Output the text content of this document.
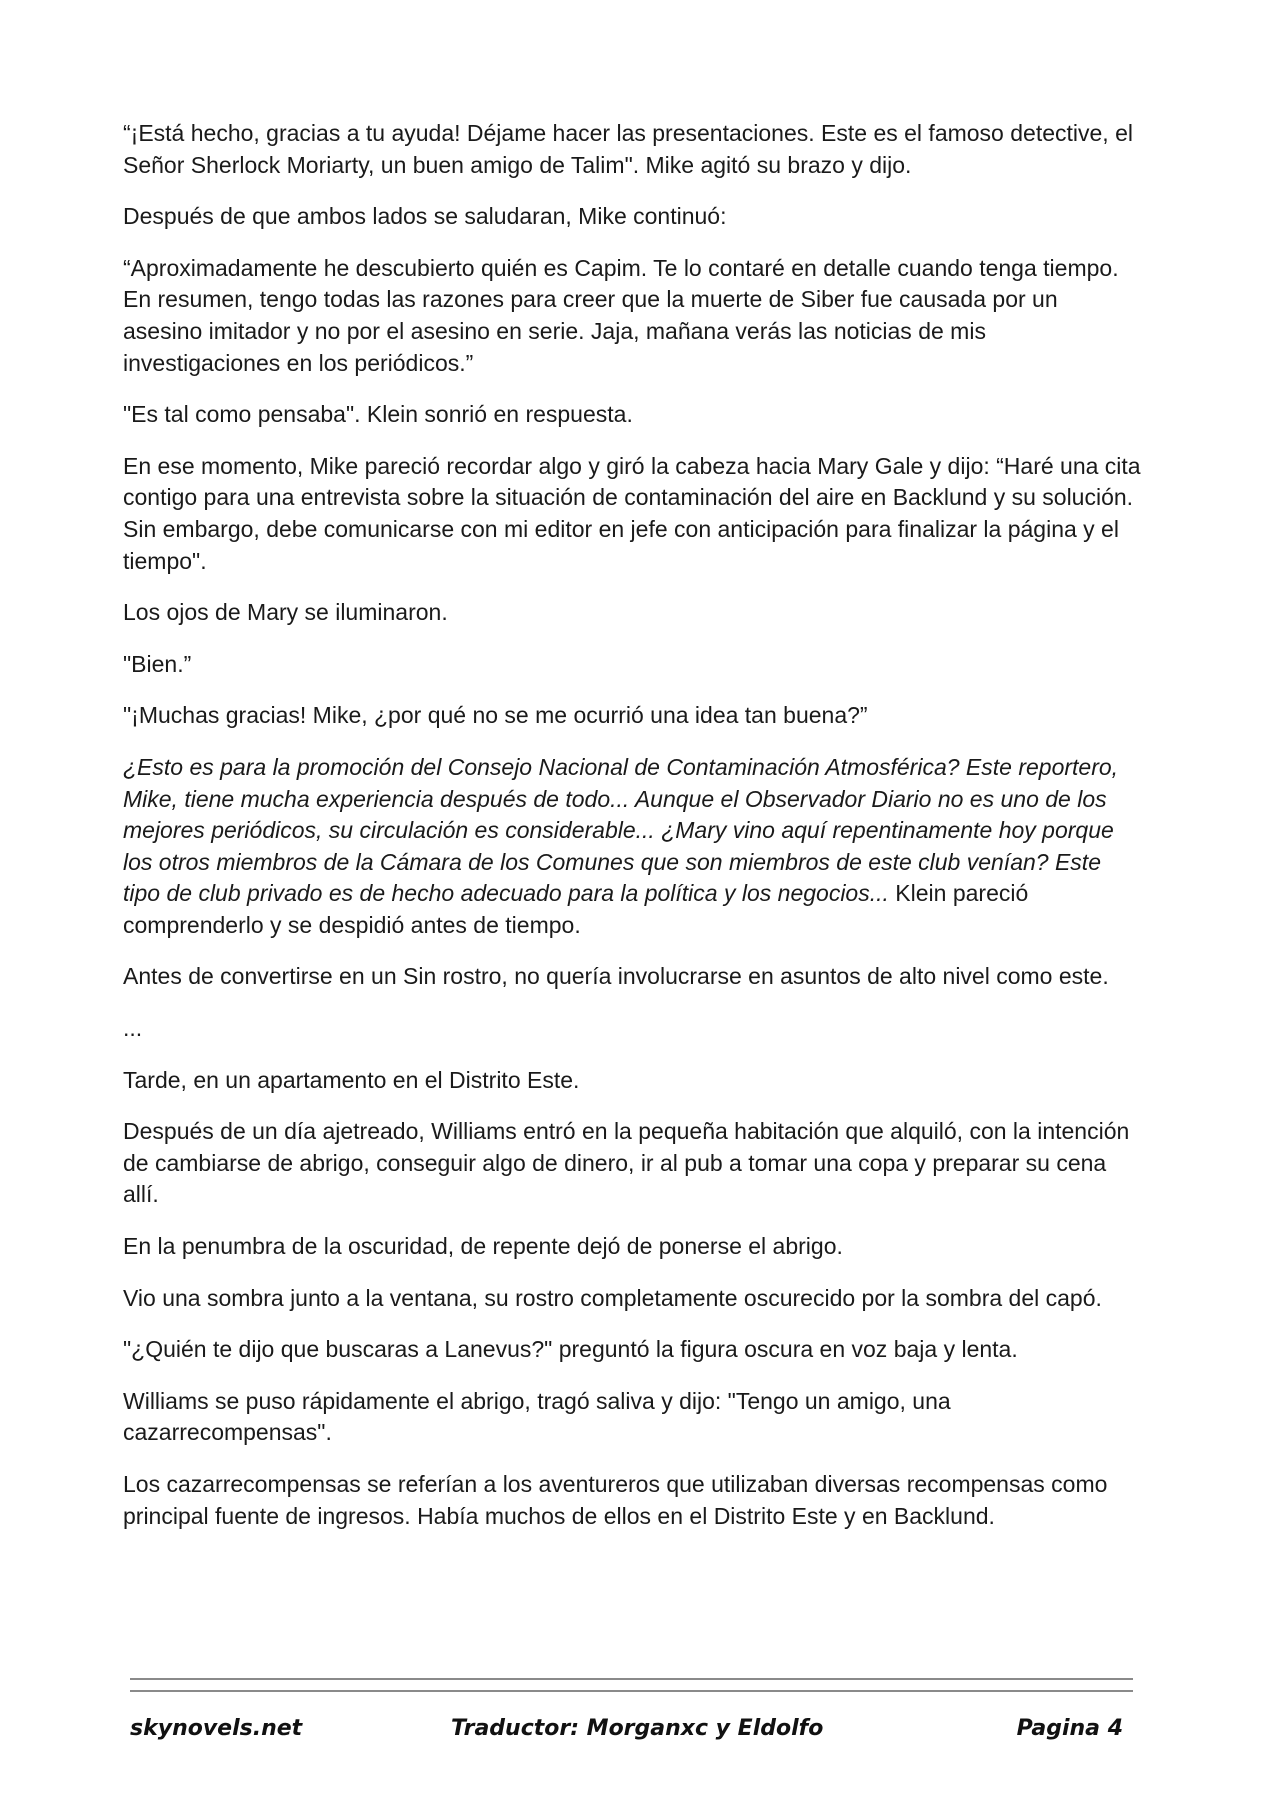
“¡Está hecho, gracias a tu ayuda! Déjame hacer las presentaciones. Este es el famoso detective, el Señor Sherlock Moriarty, un buen amigo de Talim". Mike agitó su brazo y dijo.

Después de que ambos lados se saludaran, Mike continuó:

“Aproximadamente he descubierto quién es Capim. Te lo contaré en detalle cuando tenga tiempo. En resumen, tengo todas las razones para creer que la muerte de Siber fue causada por un asesino imitador y no por el asesino en serie. Jaja, mañana verás las noticias de mis investigaciones en los periódicos.”

"Es tal como pensaba". Klein sonrió en respuesta.

En ese momento, Mike pareció recordar algo y giró la cabeza hacia Mary Gale y dijo: “Haré una cita contigo para una entrevista sobre la situación de contaminación del aire en Backlund y su solución. Sin embargo, debe comunicarse con mi editor en jefe con anticipación para finalizar la página y el tiempo".

Los ojos de Mary se iluminaron.

"Bien.”

"¡Muchas gracias! Mike, ¿por qué no se me ocurrió una idea tan buena?”

¿Esto es para la promoción del Consejo Nacional de Contaminación Atmosférica? Este reportero, Mike, tiene mucha experiencia después de todo... Aunque el Observador Diario no es uno de los mejores periódicos, su circulación es considerable... ¿Mary vino aquí repentinamente hoy porque los otros miembros de la Cámara de los Comunes que son miembros de este club venían? Este tipo de club privado es de hecho adecuado para la política y los negocios... Klein pareció comprenderlo y se despidió antes de tiempo.

Antes de convertirse en un Sin rostro, no quería involucrarse en asuntos de alto nivel como este.

...

Tarde, en un apartamento en el Distrito Este.

Después de un día ajetreado, Williams entró en la pequeña habitación que alquiló, con la intención de cambiarse de abrigo, conseguir algo de dinero, ir al pub a tomar una copa y preparar su cena allí.

En la penumbra de la oscuridad, de repente dejó de ponerse el abrigo.

Vio una sombra junto a la ventana, su rostro completamente oscurecido por la sombra del capó.

"¿Quién te dijo que buscaras a Lanevus?" preguntó la figura oscura en voz baja y lenta.

Williams se puso rápidamente el abrigo, tragó saliva y dijo: "Tengo un amigo, una cazarrecompensas".

Los cazarrecompensas se referían a los aventureros que utilizaban diversas recompensas como principal fuente de ingresos. Había muchos de ellos en el Distrito Este y en Backlund.

skynovels.net	Traductor: Morganxc y Eldolfo	Pagina 4
